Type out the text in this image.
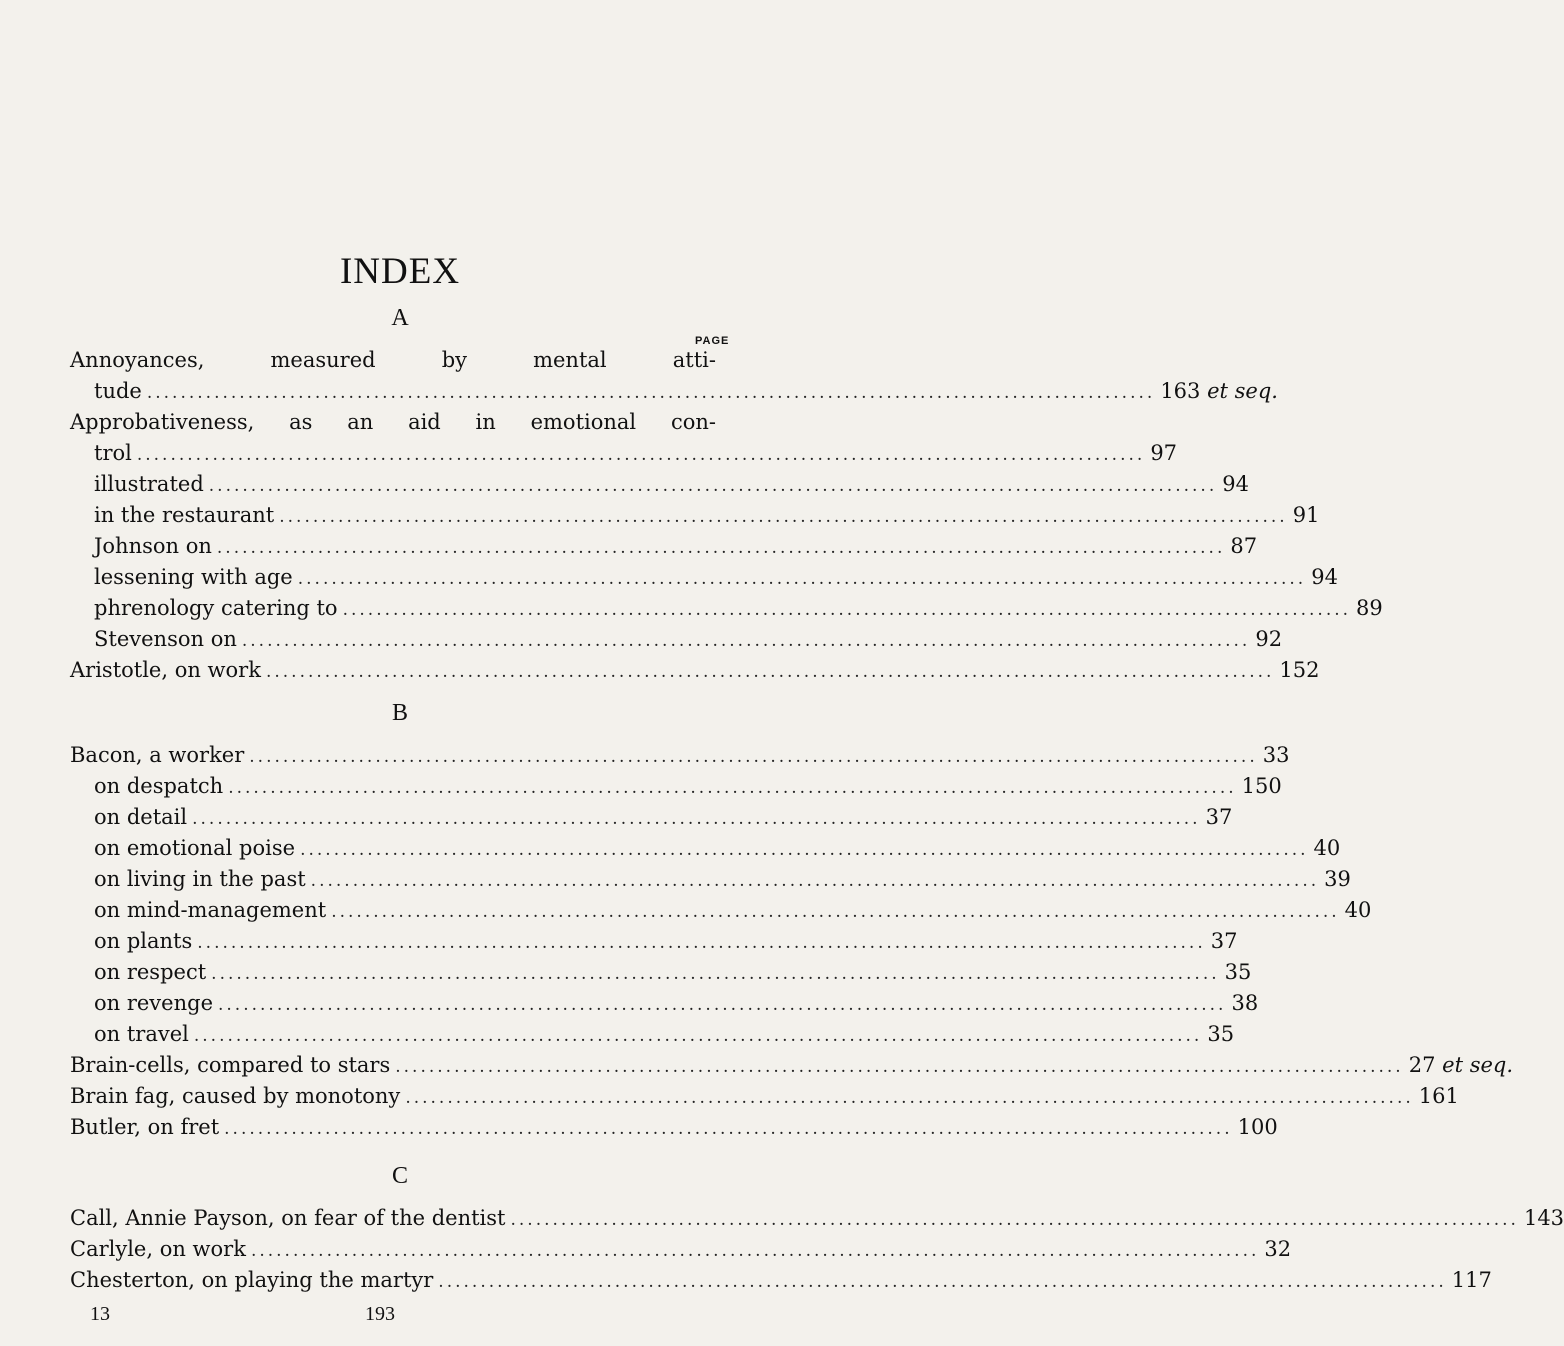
INDEX
A
PAGE
Annoyances,	measured	by	mental	atti-
tude ........................................................................................................................ 163 et seq.
Approbativeness, as an aid in emotional con-
trol ........................................................................................................................ 97
illustrated ........................................................................................................................ 94
in the restaurant ........................................................................................................................ 91
Johnson on ........................................................................................................................ 87
lessening with age ........................................................................................................................ 94
phrenology catering to ........................................................................................................................ 89
Stevenson on ........................................................................................................................ 92
Aristotle, on work ........................................................................................................................ 152
B
Bacon, a worker ........................................................................................................................ 33
on despatch ........................................................................................................................ 150
on detail ........................................................................................................................ 37
on emotional poise ........................................................................................................................ 40
on living in the past ........................................................................................................................ 39
on mind-management ........................................................................................................................ 40
on plants ........................................................................................................................ 37
on respect ........................................................................................................................ 35
on revenge ........................................................................................................................ 38
on travel ........................................................................................................................ 35
Brain-cells, compared to stars ........................................................................................................................ 27 et seq.
Brain fag, caused by monotony ........................................................................................................................ 161
Butler, on fret ........................................................................................................................ 100
C
Call, Annie Payson, on fear of the dentist ........................................................................................................................ 143
Carlyle, on work ........................................................................................................................ 32
Chesterton, on playing the martyr ........................................................................................................................ 117
13	193
